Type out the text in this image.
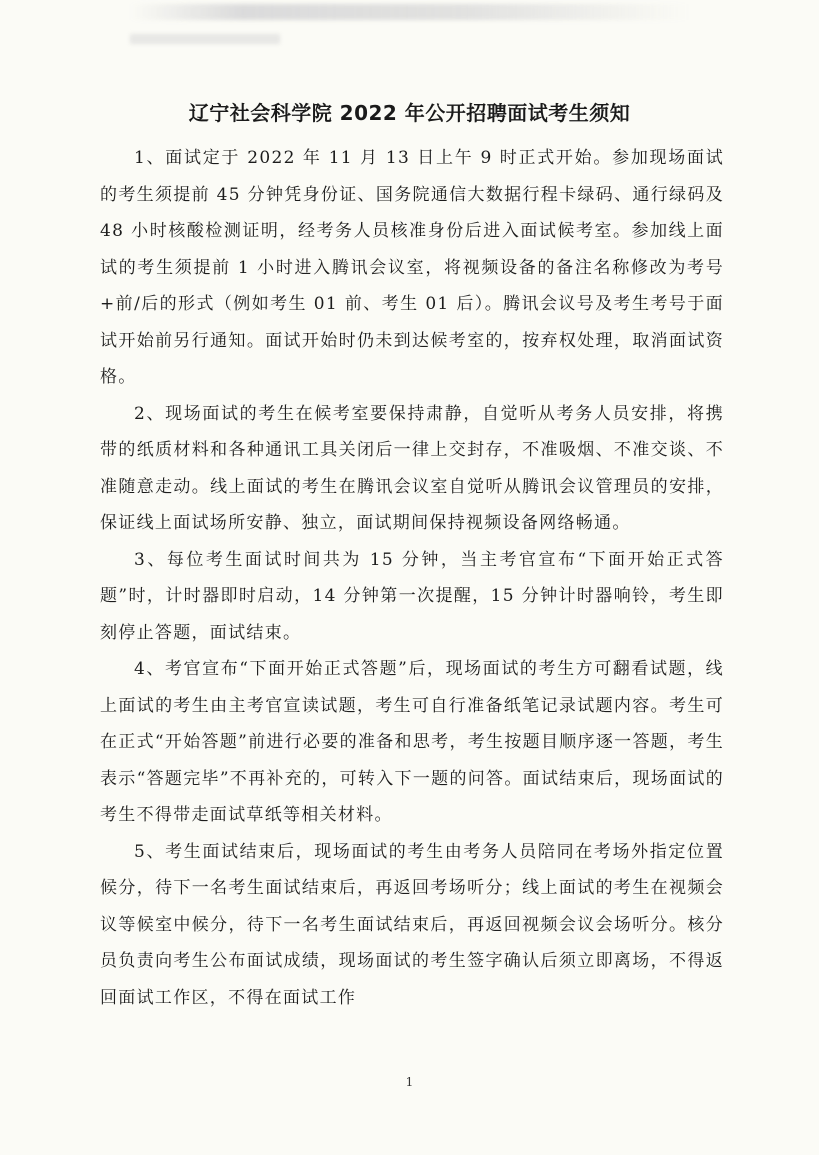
辽宁社会科学院 2022 年公开招聘面试考生须知

1、面试定于 2022 年 11 月 13 日上午 9 时正式开始。参加现场面试的考生须提前 45 分钟凭身份证、国务院通信大数据行程卡绿码、通行绿码及 48 小时核酸检测证明，经考务人员核准身份后进入面试候考室。参加线上面试的考生须提前 1 小时进入腾讯会议室，将视频设备的备注名称修改为考号+前/后的形式（例如考生 01 前、考生 01 后）。腾讯会议号及考生考号于面试开始前另行通知。面试开始时仍未到达候考室的，按弃权处理，取消面试资格。

2、现场面试的考生在候考室要保持肃静，自觉听从考务人员安排，将携带的纸质材料和各种通讯工具关闭后一律上交封存，不准吸烟、不准交谈、不准随意走动。线上面试的考生在腾讯会议室自觉听从腾讯会议管理员的安排，保证线上面试场所安静、独立，面试期间保持视频设备网络畅通。

3、每位考生面试时间共为 15 分钟，当主考官宣布“下面开始正式答题”时，计时器即时启动，14 分钟第一次提醒，15 分钟计时器响铃，考生即刻停止答题，面试结束。

4、考官宣布“下面开始正式答题”后，现场面试的考生方可翻看试题，线上面试的考生由主考官宣读试题，考生可自行准备纸笔记录试题内容。考生可在正式“开始答题”前进行必要的准备和思考，考生按题目顺序逐一答题，考生表示“答题完毕”不再补充的，可转入下一题的问答。面试结束后，现场面试的考生不得带走面试草纸等相关材料。

5、考生面试结束后，现场面试的考生由考务人员陪同在考场外指定位置候分，待下一名考生面试结束后，再返回考场听分；线上面试的考生在视频会议等候室中候分，待下一名考生面试结束后，再返回视频会议会场听分。核分员负责向考生公布面试成绩，现场面试的考生签字确认后须立即离场，不得返回面试工作区，不得在面试工作

1
